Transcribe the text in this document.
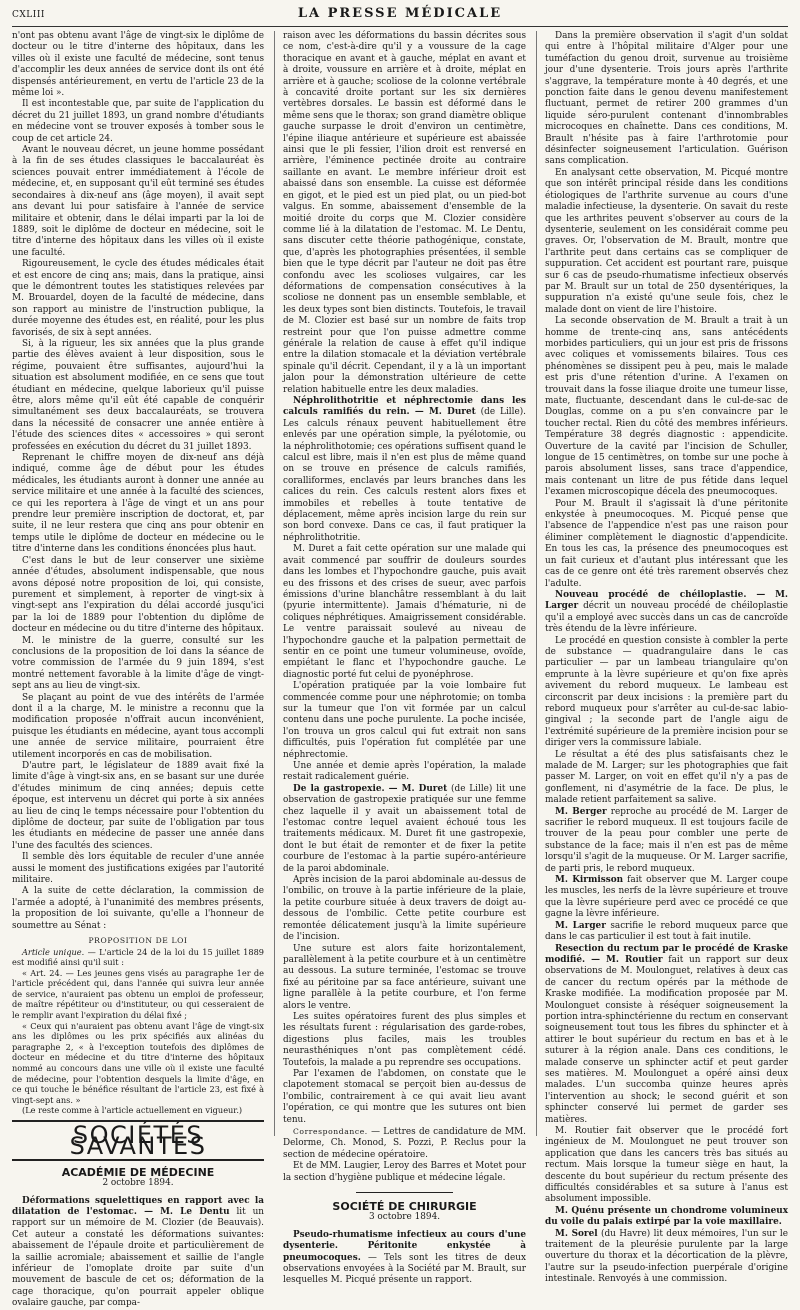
CXLIII	LA PRESSE MÉDICALE

n'ont pas obtenu avant l'âge de vingt-six le diplôme de docteur ou le titre d'interne des hôpitaux, dans les villes où il existe une faculté de médecine, sont tenus d'accomplir les deux années de service dont ils ont été dispensés antérieurement, en vertu de l'article 23 de la même loi ».

Il est incontestable que, par suite de l'application du décret du 21 juillet 1893, un grand nombre d'étudiants en médecine vont se trouver exposés à tomber sous le coup de cet article 24.

Avant le nouveau décret, un jeune homme possédant à la fin de ses études classiques le baccalauréat ès sciences pouvait entrer immédiatement à l'école de médecine, et, en supposant qu'il eût terminé ses études secondaires à dix-neuf ans (âge moyen), il avait sept ans devant lui pour satisfaire à l'année de service militaire et obtenir, dans le délai imparti par la loi de 1889, soit le diplôme de docteur en médecine, soit le titre d'interne des hôpitaux dans les villes où il existe une faculté.

Rigoureusement, le cycle des études médicales était et est encore de cinq ans; mais, dans la pratique, ainsi que le démontrent toutes les statistiques relevées par M. Brouardel, doyen de la faculté de médecine, dans son rapport au ministre de l'instruction publique, la durée moyenne des études est, en réalité, pour les plus favorisés, de six à sept années.

Si, à la rigueur, les six années que la plus grande partie des élèves avaient à leur disposition, sous le régime, pouvaient être suffisantes, aujourd'hui la situation est absolument modifiée, en ce sens que tout étudiant en médecine, quelque laborieux qu'il puisse être, alors même qu'il eût été capable de conquérir simultanément ses deux baccalauréats, se trouvera dans la nécessité de consacrer une année entière à l'étude des sciences dites « accessoires » qui seront professées en exécution du décret du 31 juillet 1893.

Reprenant le chiffre moyen de dix-neuf ans déjà indiqué, comme âge de début pour les études médicales, les étudiants auront à donner une année au service militaire et une année à la faculté des sciences, ce qui les reportera à l'âge de vingt et un ans pour prendre leur première inscription de doctorat, et, par suite, il ne leur restera que cinq ans pour obtenir en temps utile le diplôme de docteur en médecine ou le titre d'interne dans les conditions énoncées plus haut.

C'est dans le but de leur conserver une sixième année d'études, absolument indispensable, que nous avons déposé notre proposition de loi, qui consiste, purement et simplement, à reporter de vingt-six à vingt-sept ans l'expiration du délai accordé jusqu'ici par la loi de 1889 pour l'obtention du diplôme de docteur en médecine ou du titre d'interne des hôpitaux.

M. le ministre de la guerre, consulté sur les conclusions de la proposition de loi dans la séance de votre commission de l'armée du 9 juin 1894, s'est montré nettement favorable à la limite d'âge de vingt-sept ans au lieu de vingt-six.

Se plaçant au point de vue des intérêts de l'armée dont il a la charge, M. le ministre a reconnu que la modification proposée n'offrait aucun inconvénient, puisque les étudiants en médecine, ayant tous accompli une année de service militaire, pourraient être utilement incorporés en cas de mobilisation.

D'autre part, le législateur de 1889 avait fixé la limite d'âge à vingt-six ans, en se basant sur une durée d'études minimum de cinq années; depuis cette époque, est intervenu un décret qui porte à six années au lieu de cinq le temps nécessaire pour l'obtention du diplôme de docteur, par suite de l'obligation par tous les étudiants en médecine de passer une année dans l'une des facultés des sciences.

Il semble dès lors équitable de reculer d'une année aussi le moment des justifications exigées par l'autorité militaire.

A la suite de cette déclaration, la commission de l'armée a adopté, à l'unanimité des membres présents, la proposition de loi suivante, qu'elle a l'honneur de soumettre au Sénat :

PROPOSITION DE LOI

Article unique. — L'article 24 de la loi du 15 juillet 1889 est modifié ainsi qu'il suit :

« Art. 24. — Les jeunes gens visés au paragraphe 1er de l'article précédent qui, dans l'année qui suivra leur année de service, n'auraient pas obtenu un emploi de professeur, de maître répétiteur ou d'instituteur, ou qui cesseraient de le remplir avant l'expiration du délai fixé ;

« Ceux qui n'auraient pas obtenu avant l'âge de vingt-six ans les diplômes ou les prix spécifiés aux alinéas du paragraphe 2, « à l'exception toutefois des diplômes de docteur en médecine et du titre d'interne des hôpitaux nommé au concours dans une ville où il existe une faculté de médecine, pour l'obtention desquels la limite d'âge, en ce qui touche le bénéfice résultant de l'article 23, est fixé à vingt-sept ans. »

(Le reste comme à l'article actuellement en vigueur.)

SOCIÉTÉS SAVANTES
ACADÉMIE DE MÉDECINE
2 octobre 1894.

Déformations squelettiques en rapport avec la dilatation de l'estomac. — M. Le Dentu lit un rapport sur un mémoire de M. Clozier (de Beauvais). Cet auteur a constaté les déformations suivantes: abaissement de l'épaule droite et particulièrement de la saillie acromiale; abaissement et saillie de l'angle inférieur de l'omoplate droite par suite d'un mouvement de bascule de cet os; déformation de la cage thoracique, qu'on pourrait appeler oblique ovalaire gauche, par compa-

raison avec les déformations du bassin décrites sous ce nom, c'est-à-dire qu'il y a voussure de la cage thoracique en avant et à gauche, méplat en avant et à droite, voussure en arrière et à droite, méplat en arrière et à gauche; scoliose de la colonne vertébrale à concavité droite portant sur les six dernières vertèbres dorsales. Le bassin est déformé dans le même sens que le thorax; son grand diamètre oblique gauche surpasse le droit d'environ un centimètre, l'épine iliaque antérieure et supérieure est abaissée ainsi que le pli fessier, l'ilion droit est renversé en arrière, l'éminence pectinée droite au contraire saillante en avant. Le membre inférieur droit est abaissé dans son ensemble. La cuisse est déformée en gigot, et le pied est un pied plat, ou un pied-bot valgus. En somme, abaissement d'ensemble de la moitié droite du corps que M. Clozier considère comme lié à la dilatation de l'estomac. M. Le Dentu, sans discuter cette théorie pathogénique, constate, que, d'après les photographies présentées, il semble bien que le type décrit par l'auteur ne doit pas être confondu avec les scolioses vulgaires, car les déformations de compensation consécutives à la scoliose ne donnent pas un ensemble semblable, et les deux types sont bien distincts. Toutefois, le travail de M. Clozier est basé sur un nombre de faits trop restreint pour que l'on puisse admettre comme générale la relation de cause à effet qu'il indique entre la dilation stomacale et la déviation vertébrale spinale qu'il décrit. Cependant, il y a là un important jalon pour la démonstration ultérieure de cette relation habituelle entre les deux maladies.

Néphrolithotritie et néphrectomie dans les calculs ramifiés du rein. — M. Duret (de Lille). Les calculs rénaux peuvent habituellement être enlevés par une opération simple, la pyélotomie, ou la néphrolithotomie; ces opérations suffisent quand le calcul est libre, mais il n'en est plus de même quand on se trouve en présence de calculs ramifiés, coralliformes, enclavés par leurs branches dans les calices du rein. Ces calculs restent alors fixes et immobiles et rebelles à toute tentative de déplacement, même après incision large du rein sur son bord convexe. Dans ce cas, il faut pratiquer la néphrolithotritie.

M. Duret a fait cette opération sur une malade qui avait commencé par souffrir de douleurs sourdes dans les lombes et l'hypochondre gauche, puis avait eu des frissons et des crises de sueur, avec parfois émissions d'urine blanchâtre ressemblant à du lait (pyurie intermittente). Jamais d'hématurie, ni de coliques néphrétiques. Amaigrissement considérable. Le ventre paraissait soulevé au niveau de l'hypochondre gauche et la palpation permettait de sentir en ce point une tumeur volumineuse, ovoïde, empiétant le flanc et l'hypochondre gauche. Le diagnostic porté fut celui de pyonéphrose.

L'opération pratiquée par la voie lombaire fut commencée comme pour une néphrotomie; on tomba sur la tumeur que l'on vit formée par un calcul contenu dans une poche purulente. La poche incisée, l'on trouva un gros calcul qui fut extrait non sans difficultés, puis l'opération fut complétée par une néphrectomie.

Une année et demie après l'opération, la malade restait radicalement guérie.

De la gastropexie. — M. Duret (de Lille) lit une observation de gastropexie pratiquée sur une femme chez laquelle il y avait un abaissement total de l'estomac contre lequel avaient échoué tous les traitements médicaux. M. Duret fit une gastropexie, dont le but était de remonter et de fixer la petite courbure de l'estomac à la partie supéro-antérieure de la paroi abdominale.

Après incision de la paroi abdominale au-dessus de l'ombilic, on trouve à la partie inférieure de la plaie, la petite courbure située à deux travers de doigt au-dessous de l'ombilic. Cette petite courbure est remontée délicatement jusqu'à la limite supérieure de l'incision.

Une suture est alors faite horizontalement, parallèlement à la petite courbure et à un centimètre au dessous. La suture terminée, l'estomac se trouve fixé au péritoine par sa face antérieure, suivant une ligne parallèle à la petite courbure, et l'on ferme alors le ventre.

Les suites opératoires furent des plus simples et les résultats furent : régularisation des garde-robes, digestions plus faciles, mais les troubles neurasthéniques n'ont pas complètement cédé. Toutefois, la malade a pu reprendre ses occupations.

Par l'examen de l'abdomen, on constate que le clapotement stomacal se perçoit bien au-dessus de l'ombilic, contrairement à ce qui avait lieu avant l'opération, ce qui montre que les sutures ont bien tenu.

Correspondance. — Lettres de candidature de MM. Delorme, Ch. Monod, S. Pozzi, P. Reclus pour la section de médecine opératoire.

Et de MM. Laugier, Leroy des Barres et Motet pour la section d'hygiène publique et médecine légale.

SOCIÉTÉ DE CHIRURGIE
3 octobre 1894.

Pseudo-rhumatisme infectieux au cours d'une dysenterie. Péritonite enkystée à pneumocoques. — Tels sont les titres de deux observations envoyées à la Société par M. Brault, sur lesquelles M. Picqué présente un rapport.

Dans la première observation il s'agit d'un soldat qui entre à l'hôpital militaire d'Alger pour une tuméfaction du genou droit, survenue au troisième jour d'une dysenterie. Trois jours après l'arthrite s'aggrave, la température monte à 40 degrés, et une ponction faite dans le genou devenu manifestement fluctuant, permet de retirer 200 grammes d'un liquide séro-purulent contenant d'innombrables microcoques en chaînette. Dans ces conditions, M. Brault n'hésite pas à faire l'arthrotomie pour désinfecter soigneusement l'articulation. Guérison sans complication.

En analysant cette observation, M. Picqué montre que son intérêt principal réside dans les conditions étiologiques de l'arthrite survenue au cours d'une maladie infectieuse, la dysenterie. On savait du reste que les arthrites peuvent s'observer au cours de la dysenterie, seulement on les considérait comme peu graves. Or, l'observation de M. Brault, montre que l'arthrite peut dans certains cas se compliquer de suppuration. Cet accident est pourtant rare, puisque sur 6 cas de pseudo-rhumatisme infectieux observés par M. Brault sur un total de 250 dysentériques, la suppuration n'a existé qu'une seule fois, chez le malade dont on vient de lire l'histoire.

La seconde observation de M. Brault a trait à un homme de trente-cinq ans, sans antécédents morbides particuliers, qui un jour est pris de frissons avec coliques et vomissements bilaires. Tous ces phénomènes se dissipent peu à peu, mais le malade est pris d'une rétention d'urine. A l'examen on trouvait dans la fosse iliaque droite une tumeur lisse, mate, fluctuante, descendant dans le cul-de-sac de Douglas, comme on a pu s'en convaincre par le toucher rectal. Rien du côté des membres inférieurs. Température 38 degrés diagnostic : appendicite. Ouverture de la cavité par l'incision de Schuller, longue de 15 centimètres, on tombe sur une poche à parois absolument lisses, sans trace d'appendice, mais contenant un litre de pus fétide dans lequel l'examen microscopique décela des pneumocoques.

Pour M. Brault il s'agissait là d'une péritonite enkystée à pneumocoques. M. Picqué pense que l'absence de l'appendice n'est pas une raison pour éliminer complètement le diagnostic d'appendicite. En tous les cas, la présence des pneumocoques est un fait curieux et d'autant plus intéressant que les cas de ce genre ont été très rarement observés chez l'adulte.

Nouveau procédé de chéiloplastie. — M. Larger décrit un nouveau procédé de chéiloplastie qu'il a employé avec succès dans un cas de cancroïde très étendu de la lèvre inférieure.

Le procédé en question consiste à combler la perte de substance — quadrangulaire dans le cas particulier — par un lambeau triangulaire qu'on emprunte à la lèvre supérieure et qu'on fixe après avivement du rebord muqueux. Le lambeau est circonscrit par deux incisions : la première part du rebord muqueux pour s'arrêter au cul-de-sac labio-gingival ; la seconde part de l'angle aigu de l'extrémité supérieure de la première incision pour se diriger vers la commissure labiale.

Le résultat a été des plus satisfaisants chez le malade de M. Larger; sur les photographies que fait passer M. Larger, on voit en effet qu'il n'y a pas de gonflement, ni d'asymétrie de la face. De plus, le malade retient parfaitement sa salive.

M. Berger reproche au procédé de M. Larger de sacrifier le rebord muqueux. Il est toujours facile de trouver de la peau pour combler une perte de substance de la face; mais il n'en est pas de même lorsqu'il s'agit de la muqueuse. Or M. Larger sacrifie, de parti pris, le rebord muqueux.

M. Kirmisson fait observer que M. Larger coupe les muscles, les nerfs de la lèvre supérieure et trouve que la lèvre supérieure perd avec ce procédé ce que gagne la lèvre inférieure.

M. Larger sacrifie le rebord muqueux parce que dans le cas particulier il est tout à fait inutile.

Resection du rectum par le procédé de Kraske modifié. — M. Routier fait un rapport sur deux observations de M. Moulonguet, relatives à deux cas de cancer du rectum opérés par la méthode de Kraske modifiée. La modification proposée par M. Moulonguet consiste à réséquer soigneusement la portion intra-sphinctérienne du rectum en conservant soigneusement tout tous les fibres du sphincter et à attirer le bout supérieur du rectum en bas et à le suturer à la région anale. Dans ces conditions, le malade conserve un sphincter actif et peut garder ses matières. M. Moulonguet a opéré ainsi deux malades. L'un succomba quinze heures après l'intervention au shock; le second guérit et son sphincter conservé lui permet de garder ses matières.

M. Routier fait observer que le procédé fort ingénieux de M. Moulonguet ne peut trouver son application que dans les cancers très bas situés au rectum. Mais lorsque la tumeur siège en haut, la descente du bout supérieur du rectum présente des difficultés considérables et sa suture à l'anus est absolument impossible.

M. Quénu présente un chondrome volumineux du voile du palais extirpé par la voie maxillaire.

M. Sorel (du Havre) lit deux mémoires, l'un sur le traitement de la pleurésie purulente par la large ouverture du thorax et la décortication de la plèvre, l'autre sur la pseudo-infection puerpérale d'origine intestinale. Renvoyés à une commission.
